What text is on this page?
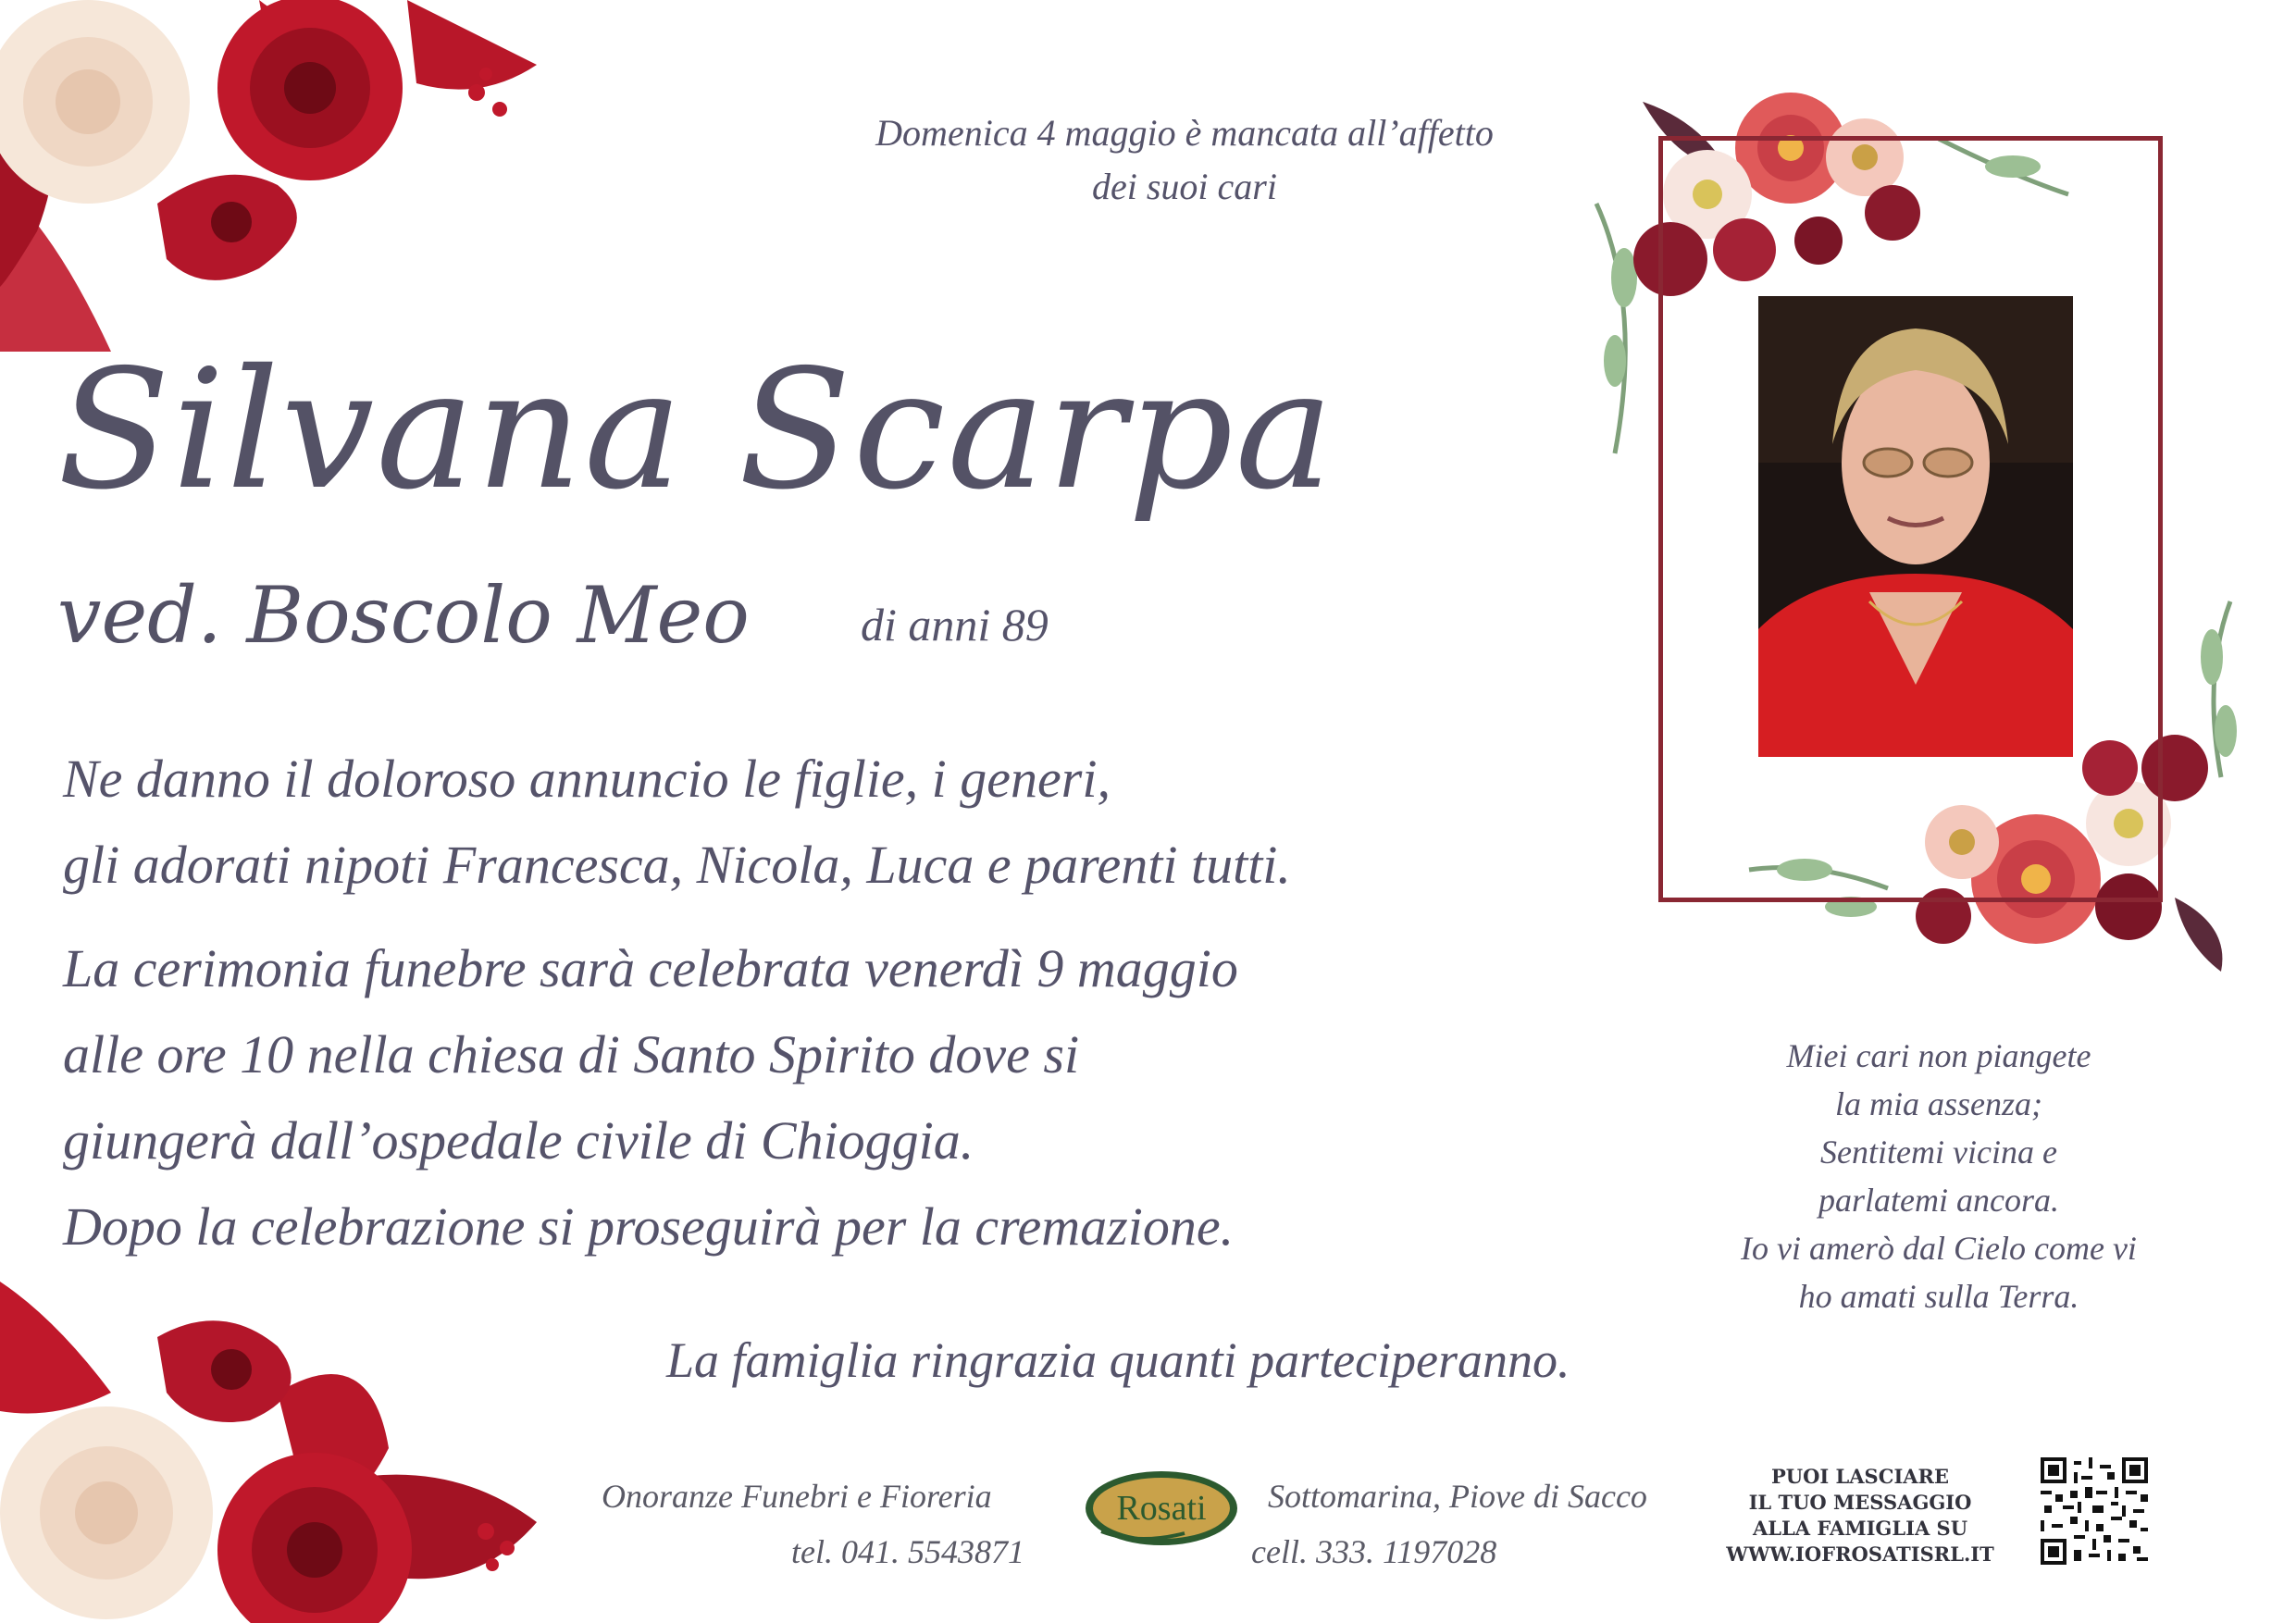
Domenica 4 maggio è mancata all’affetto
dei suoi cari
Silvana Scarpa
ved. Boscolo Meo di anni 89
Ne danno il doloroso annuncio le figlie, i generi,
gli adorati nipoti Francesca, Nicola, Luca e parenti tutti.
La cerimonia funebre sarà celebrata venerdì 9 maggio
alle ore 10 nella chiesa di Santo Spirito dove si
giungerà dall’ospedale civile di Chioggia.
Dopo la celebrazione si proseguirà per la cremazione.
La famiglia ringrazia quanti parteciperanno.
Miei cari non piangete
la mia assenza;
Sentitemi vicina e
parlatemi ancora.
Io vi amerò dal Cielo come vi
ho amati sulla Terra.
Onoranze Funebri e Fioreria
tel. 041. 5543871
Rosati Sottomarina, Piove di Sacco
cell. 333. 1197028
PUOI LASCIARE
IL TUO MESSAGGIO
ALLA FAMIGLIA SU
WWW.IOFROSATISRL.IT
